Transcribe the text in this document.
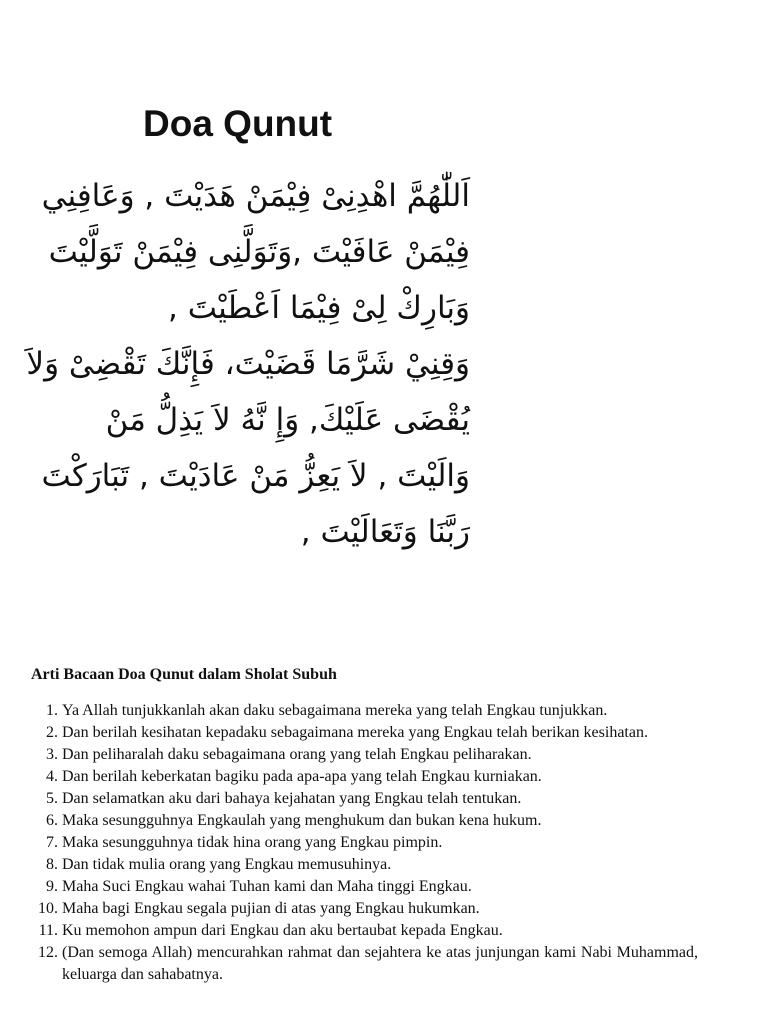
Doa Qunut
اَللّٰهُمَّ اهْدِنِىْ فِيْمَنْ هَدَيْتَ , وَعَافِنِي
فِيْمَنْ عَافَيْتَ ,وَتَوَلَّنِى فِيْمَنْ تَوَلَّيْتَ
وَبَارِكْ لِىْ فِيْمَا اَعْطَيْتَ ,
وَقِنِيْ شَرَّمَا قَضَيْتَ، فَإِنَّكَ تَقْضِىْ وَلاَ
يُقْضَى عَلَيْكَ, وَإِ نَّهُ لاَ يَذِلُّ مَنْ
وَالَيْتَ , لاَ يَعِزُّ مَنْ عَادَيْتَ , تَبَارَكْتَ
رَبَّنَا وَتَعَالَيْتَ ,
Arti Bacaan Doa Qunut dalam Sholat Subuh
1. Ya Allah tunjukkanlah akan daku sebagaimana mereka yang telah Engkau tunjukkan.
2. Dan berilah kesihatan kepadaku sebagaimana mereka yang Engkau telah berikan kesihatan.
3. Dan peliharalah daku sebagaimana orang yang telah Engkau peliharakan.
4. Dan berilah keberkatan bagiku pada apa-apa yang telah Engkau kurniakan.
5. Dan selamatkan aku dari bahaya kejahatan yang Engkau telah tentukan.
6. Maka sesungguhnya Engkaulah yang menghukum dan bukan kena hukum.
7. Maka sesungguhnya tidak hina orang yang Engkau pimpin.
8. Dan tidak mulia orang yang Engkau memusuhinya.
9. Maha Suci Engkau wahai Tuhan kami dan Maha tinggi Engkau.
10. Maha bagi Engkau segala pujian di atas yang Engkau hukumkan.
11. Ku memohon ampun dari Engkau dan aku bertaubat kepada Engkau.
12. (Dan semoga Allah) mencurahkan rahmat dan sejahtera ke atas junjungan kami Nabi Muhammad, keluarga dan sahabatnya.
